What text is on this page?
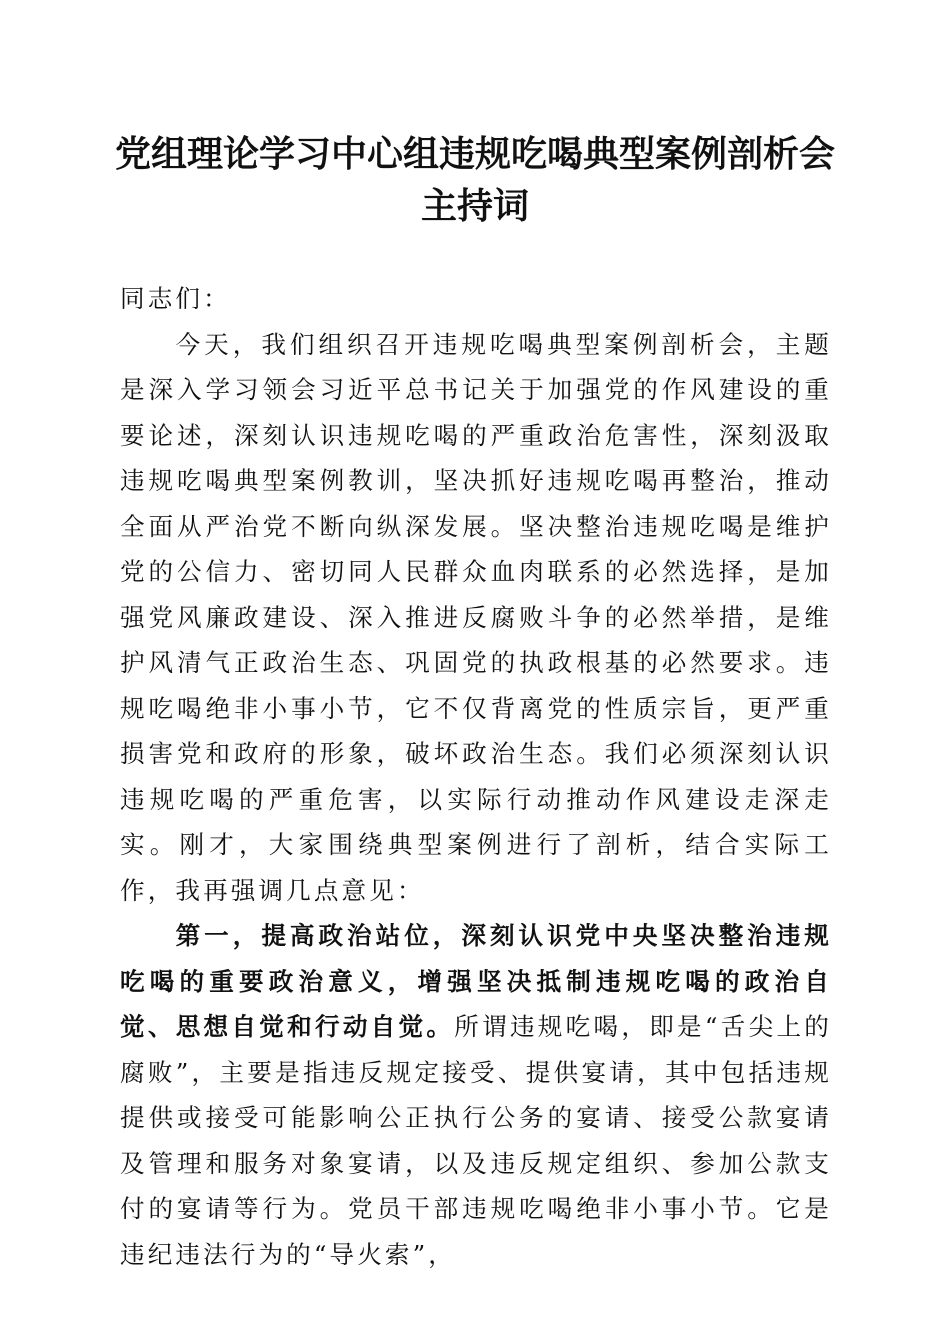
党组理论学习中心组违规吃喝典型案例剖析会
主持词

同志们：

今天，我们组织召开违规吃喝典型案例剖析会，主题是深入学习领会习近平总书记关于加强党的作风建设的重要论述，深刻认识违规吃喝的严重政治危害性，深刻汲取违规吃喝典型案例教训，坚决抓好违规吃喝再整治，推动全面从严治党不断向纵深发展。坚决整治违规吃喝是维护党的公信力、密切同人民群众血肉联系的必然选择，是加强党风廉政建设、深入推进反腐败斗争的必然举措，是维护风清气正政治生态、巩固党的执政根基的必然要求。违规吃喝绝非小事小节，它不仅背离党的性质宗旨，更严重损害党和政府的形象，破坏政治生态。我们必须深刻认识违规吃喝的严重危害，以实际行动推动作风建设走深走实。刚才，大家围绕典型案例进行了剖析，结合实际工作，我再强调几点意见：

第一，提高政治站位，深刻认识党中央坚决整治违规吃喝的重要政治意义，增强坚决抵制违规吃喝的政治自觉、思想自觉和行动自觉。所谓违规吃喝，即是“舌尖上的腐败”，主要是指违反规定接受、提供宴请，其中包括违规提供或接受可能影响公正执行公务的宴请、接受公款宴请及管理和服务对象宴请，以及违反规定组织、参加公款支付的宴请等行为。党员干部违规吃喝绝非小事小节。它是违纪违法行为的“导火索”，
